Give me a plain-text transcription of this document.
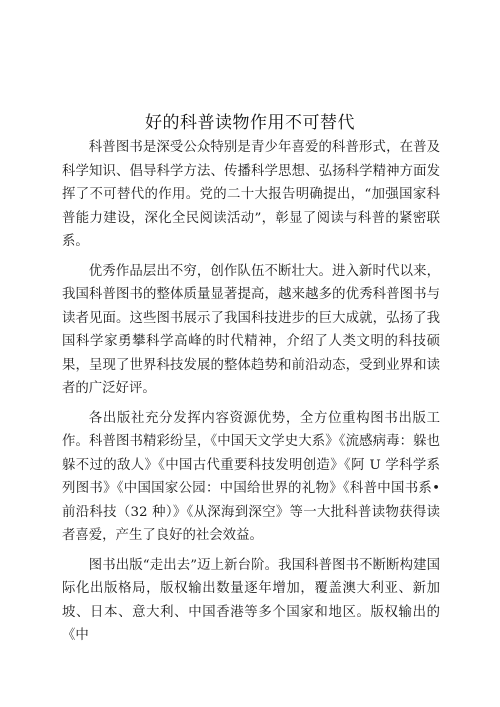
好的科普读物作用不可替代

科普图书是深受公众特别是青少年喜爱的科普形式，在普及科学知识、倡导科学方法、传播科学思想、弘扬科学精神方面发挥了不可替代的作用。党的二十大报告明确提出，“加强国家科普能力建设，深化全民阅读活动”，彰显了阅读与科普的紧密联系。

优秀作品层出不穷，创作队伍不断壮大。进入新时代以来，我国科普图书的整体质量显著提高，越来越多的优秀科普图书与读者见面。这些图书展示了我国科技进步的巨大成就，弘扬了我国科学家勇攀科学高峰的时代精神，介绍了人类文明的科技硕果，呈现了世界科技发展的整体趋势和前沿动态，受到业界和读者的广泛好评。

各出版社充分发挥内容资源优势，全方位重构图书出版工作。科普图书精彩纷呈，《中国天文学史大系》《流感病毒：躲也躲不过的敌人》《中国古代重要科技发明创造》《阿 U 学科学系列图书》《中国国家公园：中国给世界的礼物》《科普中国书系•前沿科技（32 种）》《从深海到深空》等一大批科普读物获得读者喜爱，产生了良好的社会效益。

图书出版“走出去”迈上新台阶。我国科普图书不断断构建国际化出版格局，版权输出数量逐年增加，覆盖澳大利亚、新加坡、日本、意大利、中国香港等多个国家和地区。版权输出的《中
